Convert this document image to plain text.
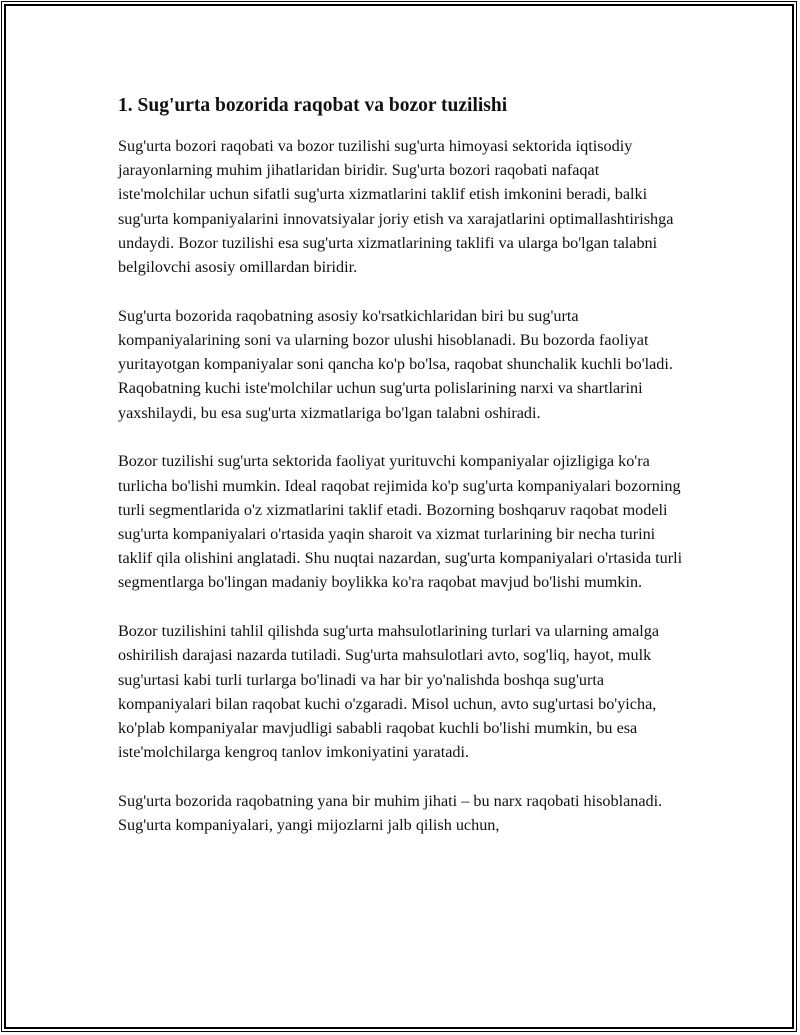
1. Sug'urta bozorida raqobat va bozor tuzilishi

Sug'urta bozori raqobati va bozor tuzilishi sug'urta himoyasi sektorida iqtisodiy jarayonlarning muhim jihatlaridan biridir. Sug'urta bozori raqobati nafaqat iste'molchilar uchun sifatli sug'urta xizmatlarini taklif etish imkonini beradi, balki sug'urta kompaniyalarini innovatsiyalar joriy etish va xarajatlarini optimallashtirishga undaydi. Bozor tuzilishi esa sug'urta xizmatlarining taklifi va ularga bo'lgan talabni belgilovchi asosiy omillardan biridir.

Sug'urta bozorida raqobatning asosiy ko'rsatkichlaridan biri bu sug'urta kompaniyalarining soni va ularning bozor ulushi hisoblanadi. Bu bozorda faoliyat yuritayotgan kompaniyalar soni qancha ko'p bo'lsa, raqobat shunchalik kuchli bo'ladi. Raqobatning kuchi iste'molchilar uchun sug'urta polislarining narxi va shartlarini yaxshilaydi, bu esa sug'urta xizmatlariga bo'lgan talabni oshiradi.

Bozor tuzilishi sug'urta sektorida faoliyat yurituvchi kompaniyalar ojizligiga ko'ra turlicha bo'lishi mumkin. Ideal raqobat rejimida ko'p sug'urta kompaniyalari bozorning turli segmentlarida o'z xizmatlarini taklif etadi. Bozorning boshqaruv raqobat modeli sug'urta kompaniyalari o'rtasida yaqin sharoit va xizmat turlarining bir necha turini taklif qila olishini anglatadi. Shu nuqtai nazardan, sug'urta kompaniyalari o'rtasida turli segmentlarga bo'lingan madaniy boylikka ko'ra raqobat mavjud bo'lishi mumkin.

Bozor tuzilishini tahlil qilishda sug'urta mahsulotlarining turlari va ularning amalga oshirilish darajasi nazarda tutiladi. Sug'urta mahsulotlari avto, sog'liq, hayot, mulk sug'urtasi kabi turli turlarga bo'linadi va har bir yo'nalishda boshqa sug'urta kompaniyalari bilan raqobat kuchi o'zgaradi. Misol uchun, avto sug'urtasi bo'yicha, ko'plab kompaniyalar mavjudligi sababli raqobat kuchli bo'lishi mumkin, bu esa iste'molchilarga kengroq tanlov imkoniyatini yaratadi.

Sug'urta bozorida raqobatning yana bir muhim jihati – bu narx raqobati hisoblanadi. Sug'urta kompaniyalari, yangi mijozlarni jalb qilish uchun,
